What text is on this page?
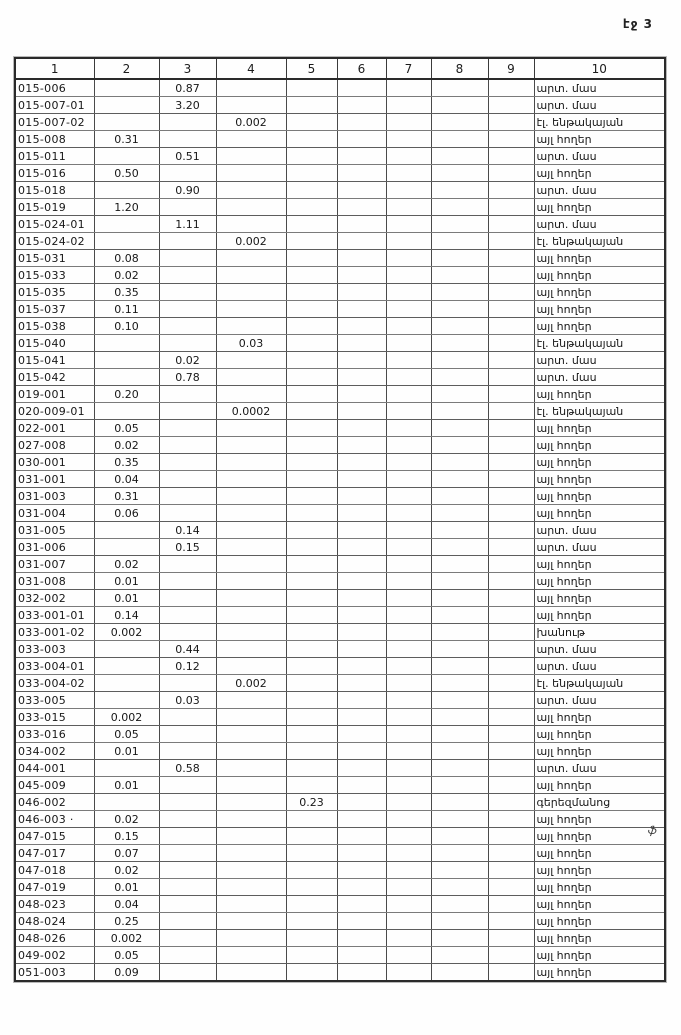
էջ 3
1	2	3	4	5	6	7	8	9	10
015-006		0.87							արտ. մաս
015-007-01		3.20							արտ. մաս
015-007-02			0.002						էլ. ենթակայան
015-008	0.31								այլ հողեր
015-011		0.51							արտ. մաս
015-016	0.50								այլ հողեր
015-018		0.90							արտ. մաս
015-019	1.20								այլ հողեր
015-024-01		1.11							արտ. մաս
015-024-02			0.002						էլ. ենթակայան
015-031	0.08								այլ հողեր
015-033	0.02								այլ հողեր
015-035	0.35								այլ հողեր
015-037	0.11								այլ հողեր
015-038	0.10								այլ հողեր
015-040			0.03						էլ. ենթակայան
015-041		0.02							արտ. մաս
015-042		0.78							արտ. մաս
019-001	0.20								այլ հողեր
020-009-01			0.0002						էլ. ենթակայան
022-001	0.05								այլ հողեր
027-008	0.02								այլ հողեր
030-001	0.35								այլ հողեր
031-001	0.04								այլ հողեր
031-003	0.31								այլ հողեր
031-004	0.06								այլ հողեր
031-005		0.14							արտ. մաս
031-006		0.15							արտ. մաս
031-007	0.02								այլ հողեր
031-008	0.01								այլ հողեր
032-002	0.01								այլ հողեր
033-001-01	0.14								այլ հողեր
033-001-02	0.002								խանութ
033-003		0.44							արտ. մաս
033-004-01		0.12							արտ. մաս
033-004-02			0.002						էլ. ենթակայան
033-005		0.03							արտ. մաս
033-015	0.002								այլ հողեր
033-016	0.05								այլ հողեր
034-002	0.01								այլ հողեր
044-001		0.58							արտ. մաս
045-009	0.01								այլ հողեր
046-002				0.23					գերեզմանոց
046-003 ·	0.02								այլ հողեր
047-015	0.15								այլ հողեր
047-017	0.07								այլ հողեր
047-018	0.02								այլ հողեր
047-019	0.01								այլ հողեր
048-023	0.04								այլ հողեր
048-024	0.25								այլ հողեր
048-026	0.002								այլ հողեր
049-002	0.05								այլ հողեր
051-003	0.09								այլ հողեր
ֆ
